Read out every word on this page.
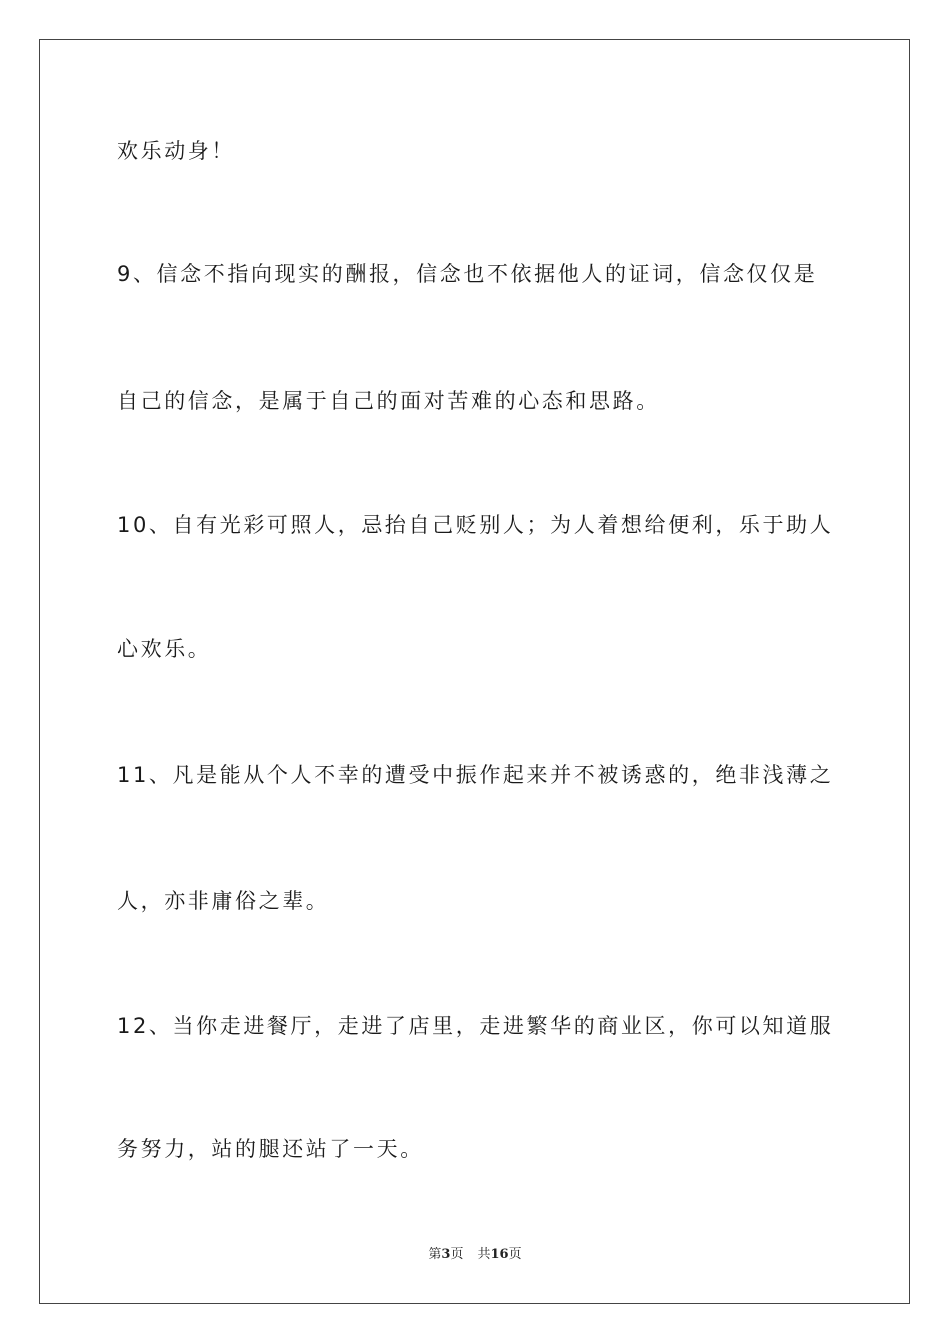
欢乐动身！
9、信念不指向现实的酬报，信念也不依据他人的证词，信念仅仅是
自己的信念，是属于自己的面对苦难的心态和思路。
10、自有光彩可照人，忌抬自己贬别人；为人着想给便利，乐于助人
心欢乐。
11、凡是能从个人不幸的遭受中振作起来并不被诱惑的，绝非浅薄之
人，亦非庸俗之辈。
12、当你走进餐厅，走进了店里，走进繁华的商业区，你可以知道服
务努力，站的腿还站了一天。
第3页 共16页
